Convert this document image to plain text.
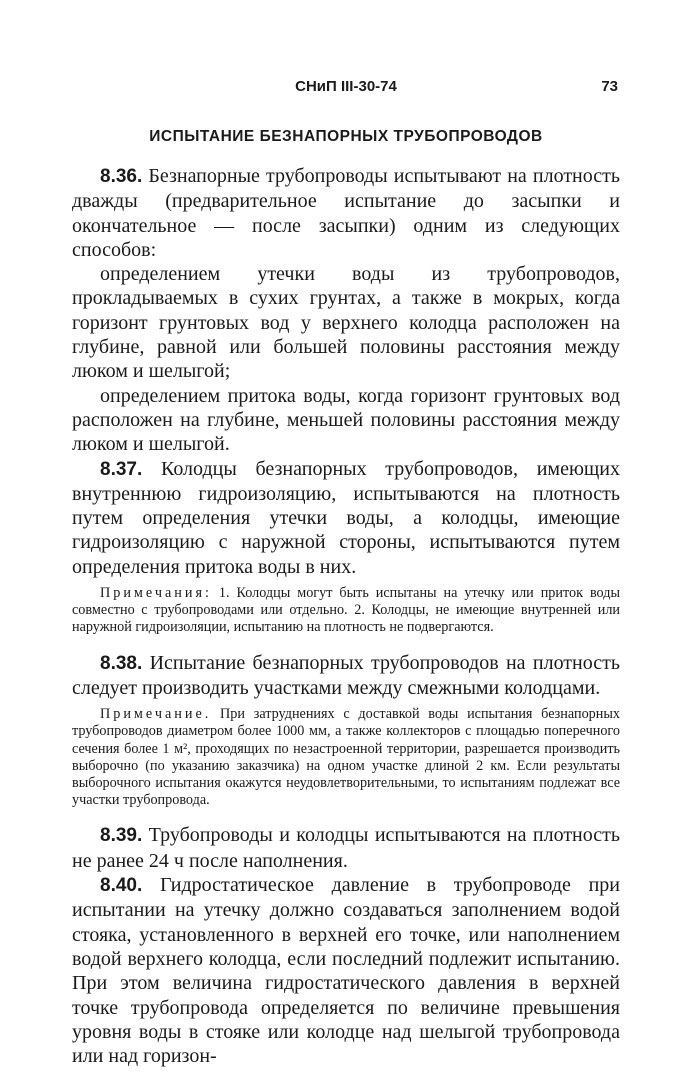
СНиП III-30-74	73
ИСПЫТАНИЕ БЕЗНАПОРНЫХ ТРУБОПРОВОДОВ

8.36. Безнапорные трубопроводы испытывают на плотность дважды (предварительное испытание до засыпки и окончательное — после засыпки) одним из следующих способов:

определением утечки воды из трубопроводов, прокладываемых в сухих грунтах, а также в мокрых, когда горизонт грунтовых вод у верхнего колодца расположен на глубине, равной или большей половины расстояния между люком и шелыгой;

определением притока воды, когда горизонт грунтовых вод расположен на глубине, меньшей половины расстояния между люком и шелыгой.

8.37. Колодцы безнапорных трубопроводов, имеющих внутреннюю гидроизоляцию, испытываются на плотность путем определения утечки воды, а колодцы, имеющие гидроизоляцию с наружной стороны, испытываются путем определения притока воды в них.

Примечания: 1. Колодцы могут быть испытаны на утечку или приток воды совместно с трубопроводами или отдельно. 2. Колодцы, не имеющие внутренней или наружной гидроизоляции, испытанию на плотность не подвергаются.

8.38. Испытание безнапорных трубопроводов на плотность следует производить участками между смежными колодцами.

Примечание. При затруднениях с доставкой воды испытания безнапорных трубопроводов диаметром более 1000 мм, а также коллекторов с площадью поперечного сечения более 1 м², проходящих по незастроенной территории, разрешается производить выборочно (по указанию заказчика) на одном участке длиной 2 км. Если результаты выборочного испытания окажутся неудовлетворительными, то испытаниям подлежат все участки трубопровода.

8.39. Трубопроводы и колодцы испытываются на плотность не ранее 24 ч после наполнения.

8.40. Гидростатическое давление в трубопроводе при испытании на утечку должно создаваться заполнением водой стояка, установленного в верхней его точке, или наполнением водой верхнего колодца, если последний подлежит испытанию. При этом величина гидростатического давления в верхней точке трубопровода определяется по величине превышения уровня воды в стояке или колодце над шелыгой трубопровода или над горизон-
